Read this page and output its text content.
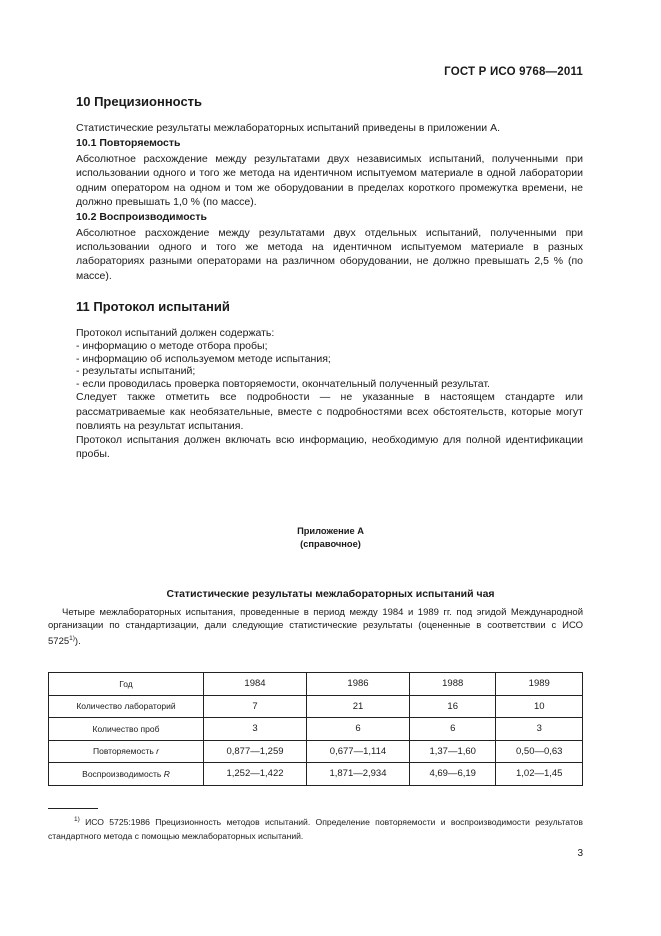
ГОСТ Р ИСО 9768—2011
10 Прецизионность

Статистические результаты межлабораторных испытаний приведены в приложении А.

10.1 Повторяемость

Абсолютное расхождение между результатами двух независимых испытаний, полученными при использовании одного и того же метода на идентичном испытуемом материале в одной лаборатории одним оператором на одном и том же оборудовании в пределах короткого промежутка времени, не должно превышать 1,0 % (по массе).

10.2 Воспроизводимость

Абсолютное расхождение между результатами двух отдельных испытаний, полученными при использовании одного и того же метода на идентичном испытуемом материале в разных лабораториях разными операторами на различном оборудовании, не должно превышать 2,5 % (по массе).

11 Протокол испытаний

Протокол испытаний должен содержать:

- информацию о методе отбора пробы;
- информацию об используемом методе испытания;
- результаты испытаний;
- если проводилась проверка повторяемости, окончательный полученный результат.

Следует также отметить все подробности — не указанные в настоящем стандарте или рассматриваемые как необязательные, вместе с подробностями всех обстоятельств, которые могут повлиять на результат испытания.

Протокол испытания должен включать всю информацию, необходимую для полной идентификации пробы.

Приложение А
(справочное)
Статистические результаты межлабораторных испытаний чая
Четыре межлабораторных испытания, проведенные в период между 1984 и 1989 гг. под эгидой Международной организации по стандартизации, дали следующие статистические результаты (оцененные в соответствии с ИСО 5725$^{1)}$).
Год	1984	1986	1988	1989
Количество лабораторий	7	21	16	10
Количество проб	3	6	6	3
Повторяемость r	0,877—1,259	0,677—1,114	1,37—1,60	0,50—0,63
Воспроизводимость R	1,252—1,422	1,871—2,934	4,69—6,19	1,02—1,45
$^{1)}$ ИСО 5725:1986 Прецизионность методов испытаний. Определение повторяемости и воспроизводимости результатов стандартного метода с помощью межлабораторных испытаний.
3
